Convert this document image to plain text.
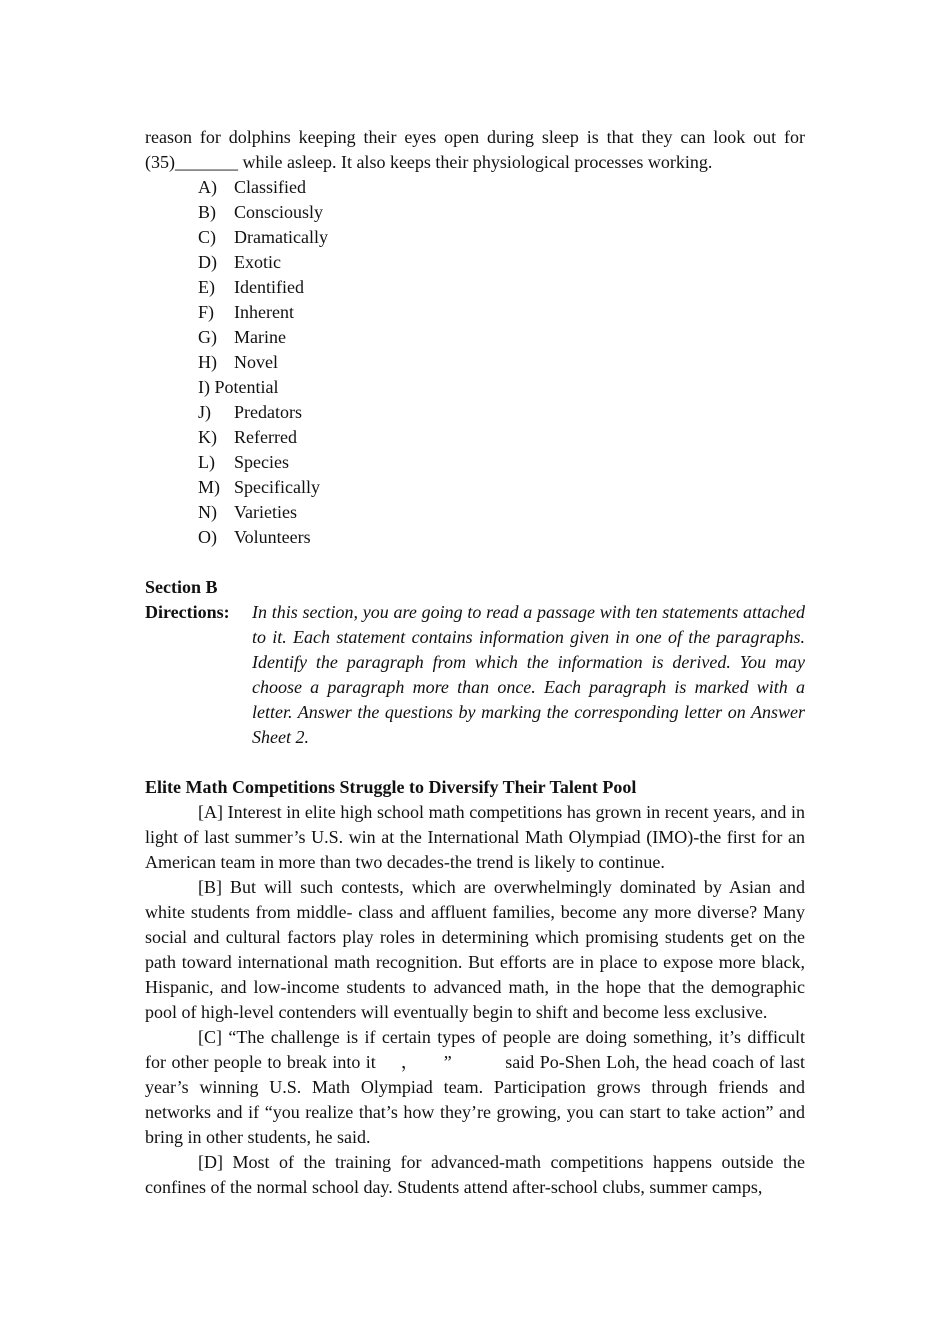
reason for dolphins keeping their eyes open during sleep is that they can look out for (35)_______ while asleep. It also keeps their physiological processes working.

A) Classified
B) Consciously
C) Dramatically
D) Exotic
E) Identified
F) Inherent
G) Marine
H) Novel
I) Potential
J) Predators
K) Referred
L) Species
M) Specifically
N) Varieties
O) Volunteers
Section B
Directions:	In this section, you are going to read a passage with ten statements attached to it. Each statement contains information given in one of the paragraphs. Identify the paragraph from which the information is derived. You may choose a paragraph more than once. Each paragraph is marked with a letter. Answer the questions by marking the corresponding letter on Answer Sheet 2.
Elite Math Competitions Struggle to Diversify Their Talent Pool

[A] Interest in elite high school math competitions has grown in recent years, and in light of last summer’s U.S. win at the International Math Olympiad (IMO)-the first for an American team in more than two decades-the trend is likely to continue.

[B] But will such contests, which are overwhelmingly dominated by Asian and white students from middle- class and affluent families, become any more diverse? Many social and cultural factors play roles in determining which promising students get on the path toward international math recognition. But efforts are in place to expose more black, Hispanic, and low-income students to advanced math, in the hope that the demographic pool of high-level contenders will eventually begin to shift and become less exclusive.

[C] “The challenge is if certain types of people are doing something, it’s difficult for other people to break into it ， ”	said Po-Shen Loh, the head coach of last year’s winning U.S. Math Olympiad team. Participation grows through friends and networks and if “you realize that’s how they’re growing, you can start to take action” and bring in other students, he said.

[D] Most of the training for advanced-math competitions happens outside the confines of the normal school day. Students attend after-school clubs, summer camps,
